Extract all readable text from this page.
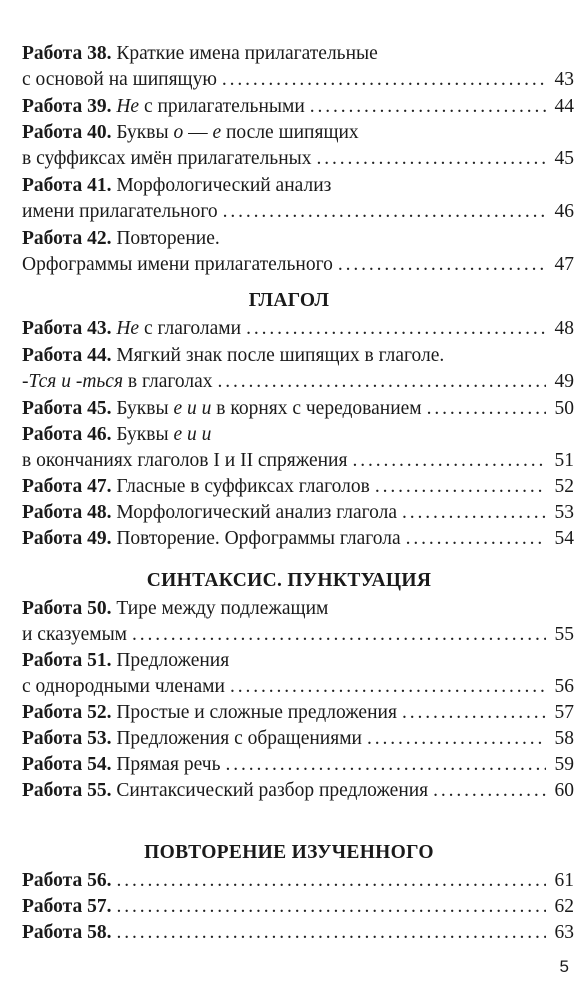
Работа 38.
Краткие имена прилагательные
с основой на шипящую . . .	43
Работа 39.
Не с прилагательными . . .	44
Работа 40.
Буквы о — е после шипящих
в суффиксах имён прилагательных . . .	45
Работа 41.
Морфологический анализ
имени прилагательного . . .	46
Работа 42.
Повторение.
Орфограммы имени прилагательного . . .	47
Работа 43.
Не с глаголами . . .	48
Работа 44.
Мягкий знак после шипящих в глаголе.
-Тся и -ться в глаголах . . .	49
Работа 45.
Буквы е и и в корнях с чередованием . . .	50
Работа 46.
Буквы е и и
в окончаниях глаголов I и II спряжения . . .	51
Работа 47.
Гласные в суффиксах глаголов . . .	52
Работа 48.
Морфологический анализ глагола . . .	53
Работа 49.
Повторение. Орфограммы глагола . . .	54
Работа 50.
Тире между подлежащим
и сказуемым . . .	55
Работа 51.
Предложения
с однородными членами . . .	56
Работа 52.
Простые и сложные предложения . . .	57
Работа 53.
Предложения с обращениями . . .	58
Работа 54.
Прямая речь . . .	59
Работа 55.
Синтаксический разбор предложения . . .	60
Работа 56. . . .	61
Работа 57. . . .	62
Работа 58. . . .	63
ГЛАГОЛ
СИНТАКСИС. ПУНКТУАЦИЯ
ПОВТОРЕНИЕ ИЗУЧЕННОГО
5
